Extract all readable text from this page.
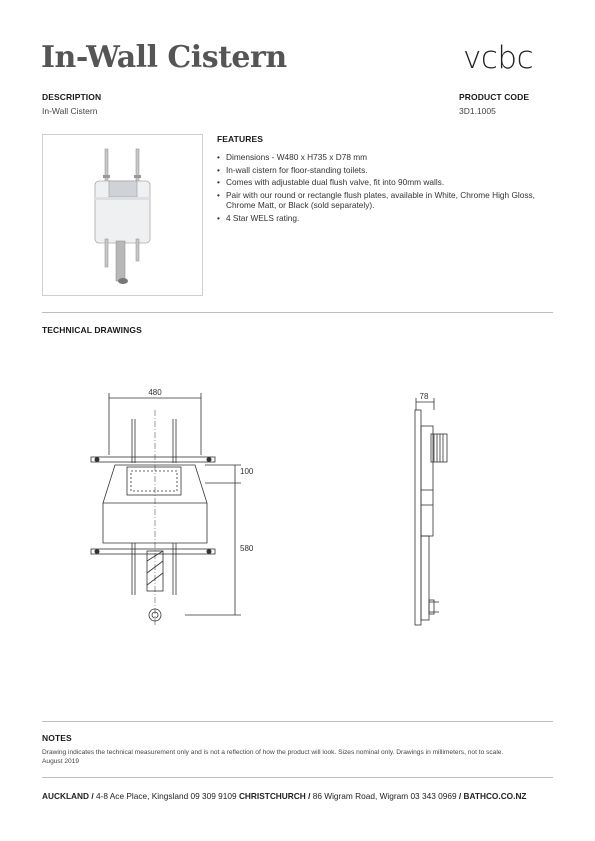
In-Wall Cistern	vcbc
DESCRIPTION
In-Wall Cistern
PRODUCT CODE
3D1.1005
FEATURES
• Dimensions - W480 x H735 x D78 mm
• In-wall cistern for floor-standing toilets.
• Comes with adjustable dual flush valve, fit into 90mm walls.
• Pair with our round or rectangle flush plates, available in White, Chrome High Gloss, Chrome Matt, or Black (sold separately).
• 4 Star WELS rating.
TECHNICAL DRAWINGS
480
100
580
78
NOTES
Drawing indicates the technical measurement only and is not a reflection of how the product will look. Sizes nominal only. Drawings in millimeters, not to scale.
August 2019
AUCKLAND / 4-8 Ace Place, Kingsland 09 309 9109 CHRISTCHURCH / 86 Wigram Road, Wigram 03 343 0969 / BATHCO.CO.NZ
